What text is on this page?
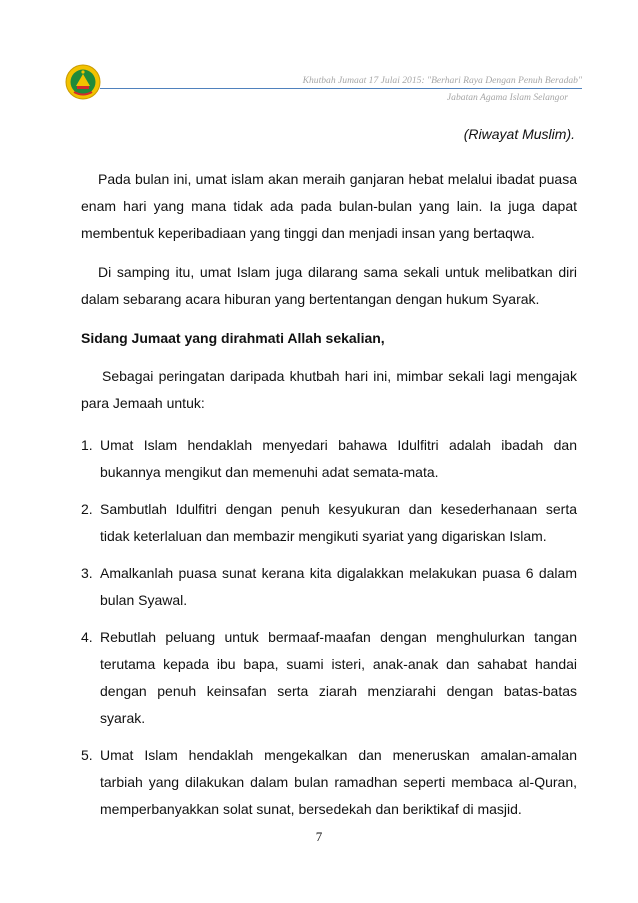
Khutbah Jumaat 17 Julai 2015: "Berhari Raya Dengan Penuh Beradab"
Jabatan Agama Islam Selangor

(Riwayat Muslim).

Pada bulan ini, umat islam akan meraih ganjaran hebat melalui ibadat puasa enam hari yang mana tidak ada pada bulan-bulan yang lain. Ia juga dapat membentuk keperibadiaan yang tinggi dan menjadi insan yang bertaqwa.

Di samping itu, umat Islam juga dilarang sama sekali untuk melibatkan diri dalam sebarang acara hiburan yang bertentangan dengan hukum Syarak.

Sidang Jumaat yang dirahmati Allah sekalian,

Sebagai peringatan daripada khutbah hari ini, mimbar sekali lagi mengajak para Jemaah untuk:

1. Umat Islam hendaklah menyedari bahawa Idulfitri adalah ibadah dan bukannya mengikut dan memenuhi adat semata-mata.
2. Sambutlah Idulfitri dengan penuh kesyukuran dan kesederhanaan serta tidak keterlaluan dan membazir mengikuti syariat yang digariskan Islam.
3. Amalkanlah puasa sunat kerana kita digalakkan melakukan puasa 6 dalam bulan Syawal.
4. Rebutlah peluang untuk bermaaf-maafan dengan menghulurkan tangan terutama kepada ibu bapa, suami isteri, anak-anak dan sahabat handai dengan penuh keinsafan serta ziarah menziarahi dengan batas-batas syarak.
5. Umat Islam hendaklah mengekalkan dan meneruskan amalan-amalan tarbiah yang dilakukan dalam bulan ramadhan seperti membaca al-Quran, memperbanyakkan solat sunat, bersedekah dan beriktikaf di masjid.
7
